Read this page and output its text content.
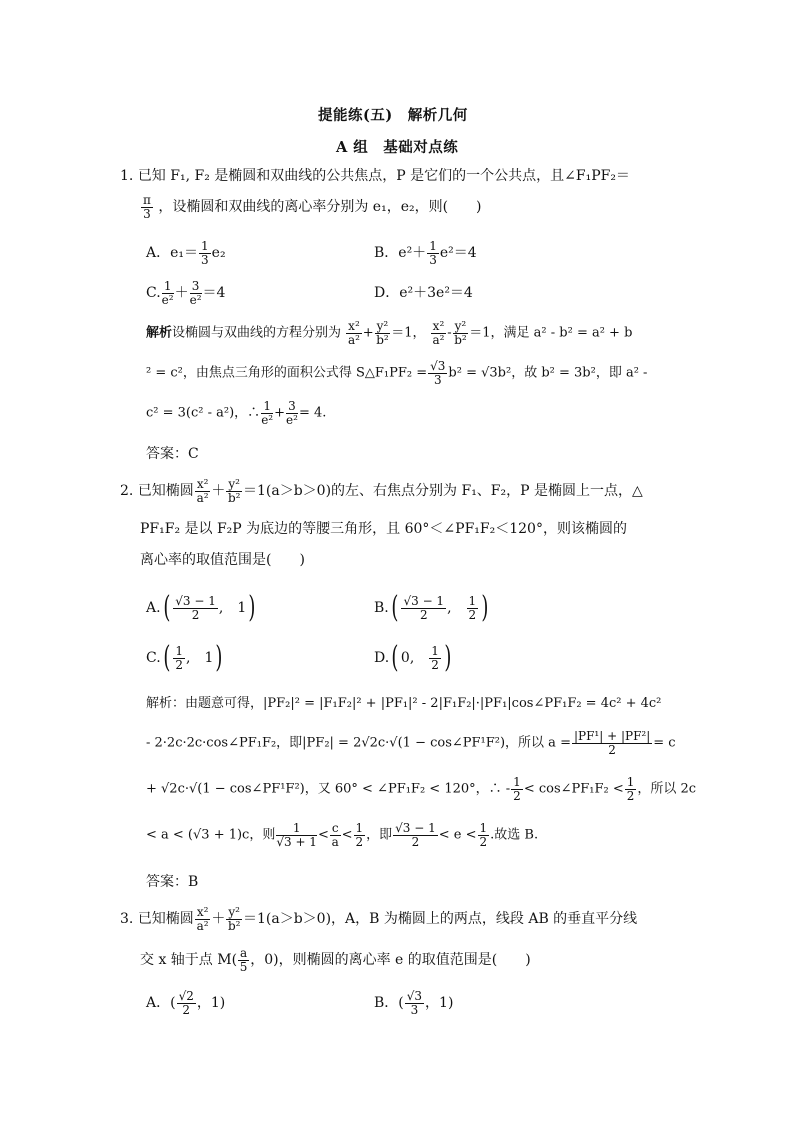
提能练(五)　解析几何
A 组　基础对点练
1. 已知 F₁, F₂ 是椭圆和双曲线的公共焦点，P 是它们的一个公共点，且∠F₁PF₂＝
$\frac{\pi}{3}$ ，设椭圆和双曲线的离心率分别为 e₁，e₂，则(　　)
A．$e_1= \frac{1}{3} e_2$	B．$e^2+ \frac{1}{3} e^2=4$
C. $\frac{1}{\text{e²}} + \frac{3}{\text{e²}} =4$	D．e²＋3e²＝4
解析设椭圆与双曲线的方程分别为 $\frac{\text{x²}}{\text{a²}} + \frac{\text{y²}}{\text{b²}} =1$， $\frac{\text{x²}}{\text{a²}} - \frac{\text{y²}}{\text{b²}} =1$，满足 a² - b² = a² + b
² = c²，由焦点三角形的面积公式得 S△F₁PF₂ = $\frac{√3}{3} b^2 = √3b^2$，故 b² = 3b²，即 a² -
c² = 3(c² - a²)，∴ $\frac{1}{\text{e²}} + \frac{3}{\text{e²}} = 4$.
答案：C
2. 已知椭圆 $\frac{\text{x²}}{\text{a²}} + \frac{\text{y²}}{\text{b²}} =1(a>b>0)$的左、右焦点分别为 F₁、F₂，P 是椭圆上一点，△
PF₁F₂ 是以 F₂P 为底边的等腰三角形，且 60°＜∠PF₁F₂＜120°，则该椭圆的
离心率的取值范围是(　　)
$A.( \frac{√3 - 1}{2}$ ,　1)	$B.( \frac{√3 - 1}{2}$ ,　 $\frac{1}{2}$ )
$C.( \frac{1}{2}$ ,　1)	D.( 0,　 $\frac{1}{2}$ )
解析：由题意可得，|PF₂|² = |F₁F₂|² + |PF₁|² - 2|F₁F₂|·|PF₁|cos∠PF₁F₂ = 4c² + 4c²
- 2·2c·2c·cos∠PF₁F₂，即|PF₂| = 2√2c·√(1 − cos∠PF¹F²)，所以 $a = \frac{\text{|PF¹| + |PF²|}}{2} = c$
+ √2c·√(1 − cos∠PF¹F²)，又 60° < ∠PF₁F₂ < 120°，∴ - $\frac{1}{2}$ < cos∠PF₁F₂ < $\frac{1}{2}$ ，所以 2c
< a < (√3 + 1)c，则 $\frac{1}{√3 + 1} < \frac{c}{a} < \frac{1}{2}$ ，即 $\frac{√3 - 1}{2} < e < \frac{1}{2}$ .故选 B.
答案：B
3. 已知椭圆 $\frac{\text{x²}}{\text{a²}} + \frac{\text{y²}}{\text{b²}} =1(a>b>0)$，A，B 为椭圆上的两点，线段 AB 的垂直平分线
交 x 轴于点 $M( \frac{a}{5}$ ，0)，则椭圆的离心率 e 的取值范围是(　　)
A．( $\frac{√2}{2}$ ，1)	B．( $\frac{√3}{3}$ ，1)
